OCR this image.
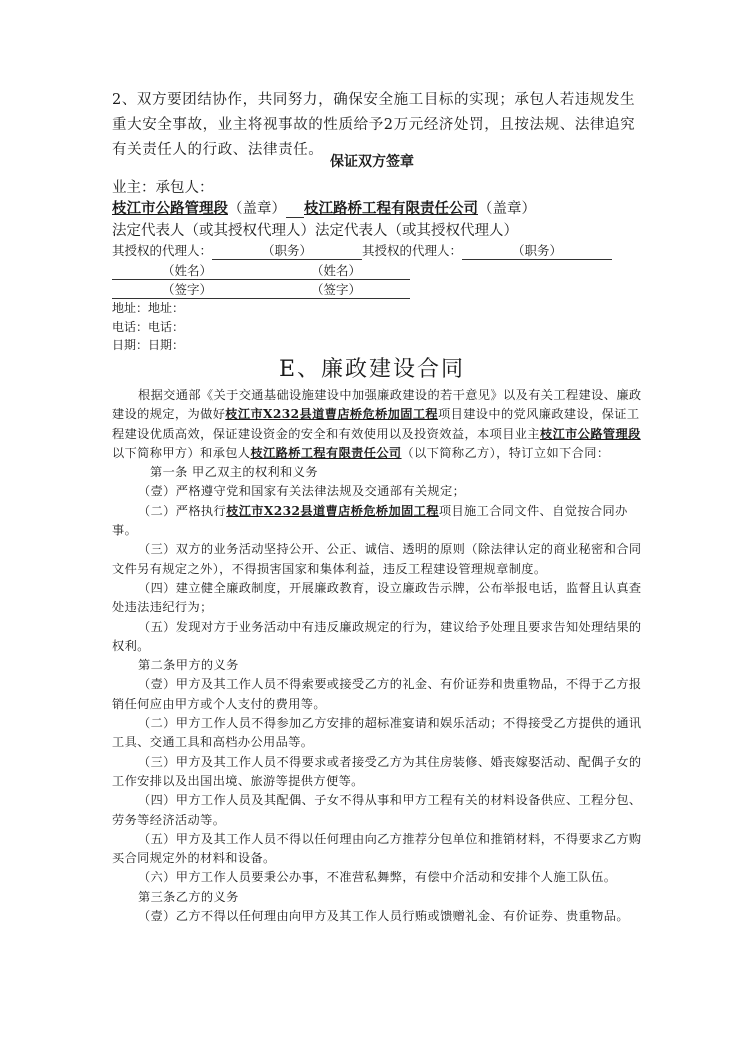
2、双方要团结协作，共同努力，确保安全施工目标的实现；承包人若违规发生重大安全事故，业主将视事故的性质给予2万元经济处罚，且按法规、法律追究有关责任人的行政、法律责任。
保证双方签章
业主：承包人：
枝江市公路管理段（盖章） 枝江路桥工程有限责任公司（盖章）
法定代表人（或其授权代理人）法定代表人（或其授权代理人）
其授权的代理人：	（职务）	其授权的代理人：	（职务）
（姓名）	（姓名）
（签字）	（签字）
地址：地址：
电话：电话：
日期：日期：
E、廉政建设合同

根据交通部《关于交通基础设施建设中加强廉政建设的若干意见》以及有关工程建设、廉政建设的规定，为做好枝江市X232县道曹店桥危桥加固工程项目建设中的党风廉政建设，保证工程建设优质高效，保证建设资金的安全和有效使用以及投资效益，本项目业主枝江市公路管理段以下简称甲方）和承包人枝江路桥工程有限责任公司（以下简称乙方），特订立如下合同：

第一条 甲乙双主的权利和义务

（壹）严格遵守党和国家有关法律法规及交通部有关规定；

（二）严格执行枝江市X232县道曹店桥危桥加固工程项目施工合同文件、自觉按合同办事。

（三）双方的业务活动坚持公开、公正、诚信、透明的原则（除法律认定的商业秘密和合同文件另有规定之外），不得损害国家和集体利益，违反工程建设管理规章制度。

（四）建立健全廉政制度，开展廉政教育，设立廉政告示牌，公布举报电话，监督且认真查处违法违纪行为；

（五）发现对方于业务活动中有违反廉政规定的行为，建议给予处理且要求告知处理结果的权利。

第二条甲方的义务

（壹）甲方及其工作人员不得索要或接受乙方的礼金、有价证券和贵重物品，不得于乙方报销任何应由甲方或个人支付的费用等。

（二）甲方工作人员不得参加乙方安排的超标准宴请和娱乐活动；不得接受乙方提供的通讯工具、交通工具和高档办公用品等。

（三）甲方及其工作人员不得要求或者接受乙方为其住房装修、婚丧嫁娶活动、配偶子女的工作安排以及出国出境、旅游等提供方便等。

（四）甲方工作人员及其配偶、子女不得从事和甲方工程有关的材料设备供应、工程分包、劳务等经济活动等。

（五）甲方及其工作人员不得以任何理由向乙方推荐分包单位和推销材料，不得要求乙方购买合同规定外的材料和设备。

（六）甲方工作人员要秉公办事，不准营私舞弊，有偿中介活动和安排个人施工队伍。

第三条乙方的义务

（壹）乙方不得以任何理由向甲方及其工作人员行贿或馈赠礼金、有价证券、贵重物品。
